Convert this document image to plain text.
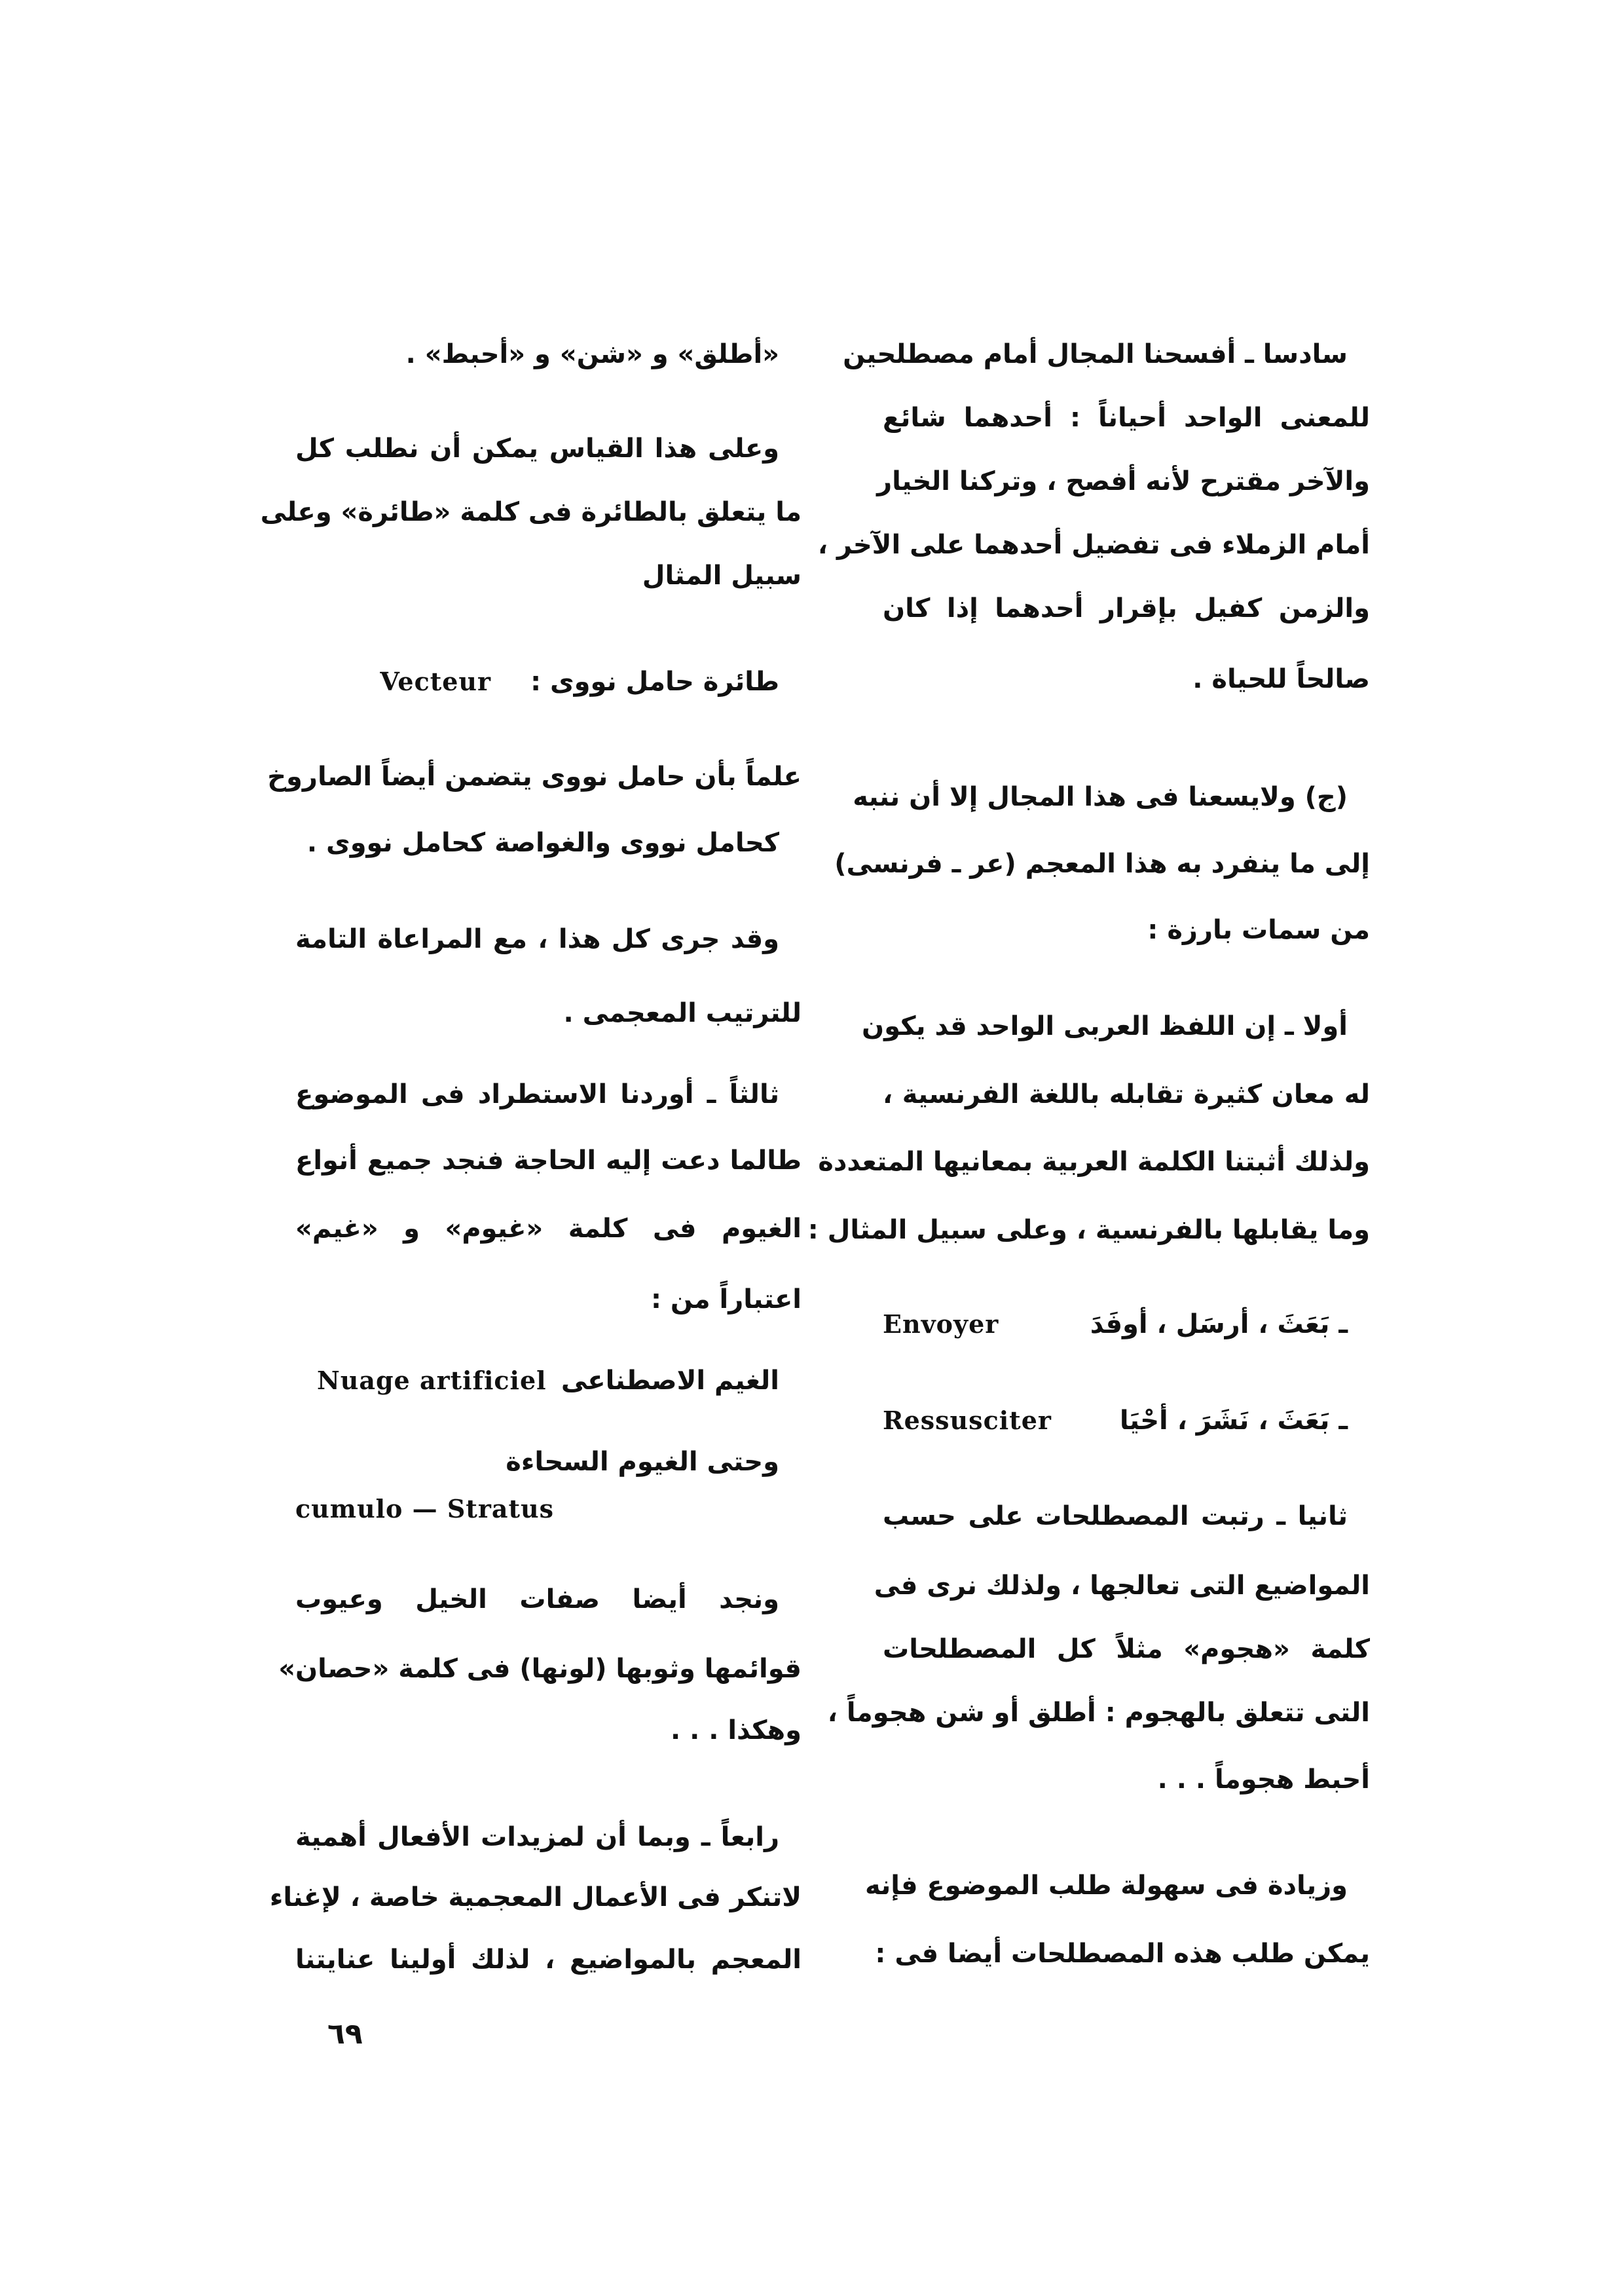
سادسا ـ أفسحنا المجال أمام مصطلحين
للمعنى الواحد أحياناً : أحدهما شائع
والآخر مقترح لأنه أفصح ، وتركنا الخيار
أمام الزملاء فى تفضيل أحدهما على الآخر ،
والزمن كفيل بإقرار أحدهما إذا كان
صالحاً للحياة .
(ج) ولايسعنا فى هذا المجال إلا أن ننبه
إلى ما ينفرد به هذا المعجم (عر ـ فرنسى)
من سمات بارزة :
أولا ـ إن اللفظ العربى الواحد قد يكون
له معان كثيرة تقابله باللغة الفرنسية ،
ولذلك أثبتنا الكلمة العربية بمعانيها المتعددة
وما يقابلها بالفرنسية ، وعلى سبيل المثال :
ـ بَعَثَ ، أرسَل ، أوفَدَ
Envoyer
ـ بَعَثَ ، نَشَرَ ، أحْيَا
Ressusciter
ثانيا ـ رتبت المصطلحات على حسب
المواضيع التى تعالجها ، ولذلك نرى فى
كلمة «هجوم» مثلاً كل المصطلحات
التى تتعلق بالهجوم : أطلق أو شن هجوماً ،
أحبط هجوماً . . .
وزيادة فى سهولة طلب الموضوع فإنه
يمكن طلب هذه المصطلحات أيضا فى :
«أطلق» و «شن» و «أحبط» .
وعلى هذا القياس يمكن أن نطلب كل
ما يتعلق بالطائرة فى كلمة «طائرة» وعلى
سبيل المثال
طائرة حامل نووى :
Vecteur
علماً بأن حامل نووى يتضمن أيضاً الصاروخ
كحامل نووى والغواصة كحامل نووى .
وقد جرى كل هذا ، مع المراعاة التامة
للترتيب المعجمى .
ثالثاً ـ أوردنا الاستطراد فى الموضوع
طالما دعت إليه الحاجة فنجد جميع أنواع
الغيوم فى كلمة «غيوم» و «غيم»
اعتباراً من :
الغيم الاصطناعى
Nuage artificiel
وحتى الغيوم السحاءة
cumulo — Stratus
ونجد أيضا صفات الخيل وعيوب
قوائمها وثوبها (لونها) فى كلمة «حصان»
وهكذا . . .
رابعاً ـ وبما أن لمزيدات الأفعال أهمية
لاتنكر فى الأعمال المعجمية خاصة ، لإغناء
المعجم بالمواضيع ، لذلك أولينا عنايتنا
٦٩
